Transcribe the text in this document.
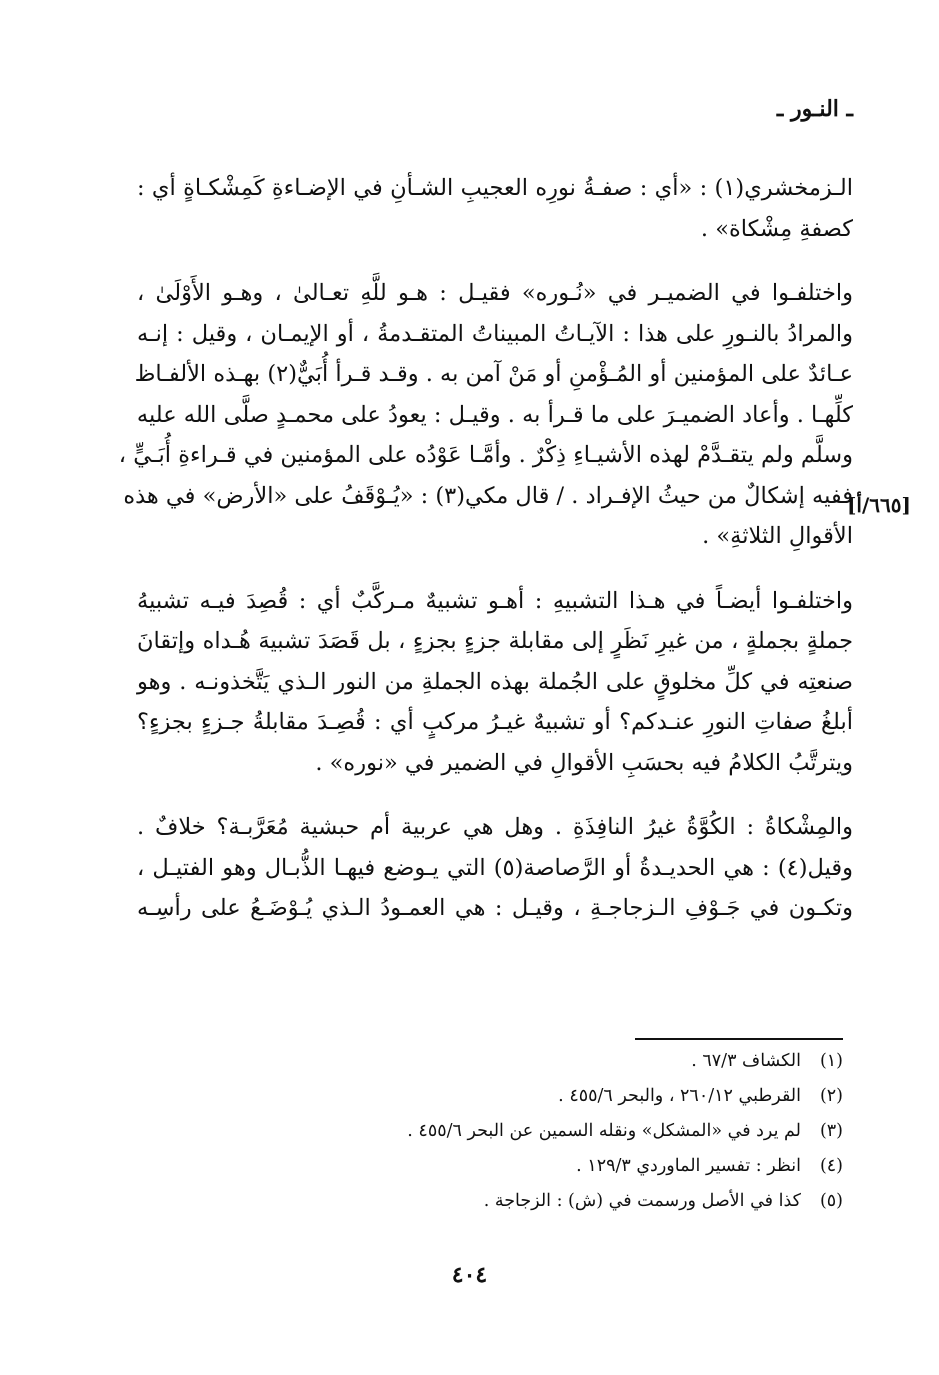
ـ النـور ـ
[٦٦٥/أ]
الـزمخشري(١) : «أي : صفـةُ نورِه العجيبِ الشـأنِ في الإضـاءةِ كَمِشْكـاةٍ أي :
كصفةِ مِشْكاة» .
واختلفـوا في الضميـر في «نُـوره» فقيـل : هـو للَّهِ تعـالىٰ ، وهـو الأَوْلَىٰ ،
والمرادُ بالنـورِ على هذا : الآيـاتُ المبيناتُ المتقـدمةُ ، أو الإيمـان ، وقيل : إنـه
عـائدٌ على المؤمنين أو المُـؤْمنِ أو مَنْ آمن به . وقـد قـرأ أُبَيٌّ(٢) بهـذه الألفـاظ
كلِّهـا . وأعاد الضميـرَ على ما قـرأ به . وقيـل : يعودُ على محمـدٍ صلَّى الله عليه
وسلَّم ولم يتقـدَّمْ لهذه الأشيـاءِ ذِكْرٌ . وأمَّـا عَوْدُه على المؤمنين في قـراءةِ أُبَـيٍّ ،
ففيه إشكالٌ من حيثُ الإفـراد . / قال مكي(٣) : «يُـوْقَفُ على «الأرض» في هذه
الأقوالِ الثلاثةِ» .
واختلفـوا أيضـاً في هـذا التشبيهِ : أهـو تشبيهٌ مـركَّبٌ أي : قُصِدَ فيـه تشبيهُ
جملةٍ بجملةٍ ، من غيرِ نَظَرٍ إلى مقابلة جزءٍ بجزءٍ ، بل قَصَدَ تشبيهَ هُـداه وإتقانَ
صنعتِه في كلِّ مخلوقٍ على الجُملة بهذه الجملةِ من النور الـذي يَتَّخذونـه . وهو
أبلغُ صفاتِ النورِ عنـدكم؟ أو تشبيهٌ غيـرُ مركبٍ أي : قُصِـدَ مقابلةُ جـزءٍ بجزءٍ؟
ويترتَّبُ الكلامُ فيه بحسَبِ الأقوالِ في الضمير في «نوره» .
والمِشْكاةُ : الكُوَّةُ غيرُ النافِذَةِ . وهل هي عربية أم حبشية مُعَرَّبـة؟ خلافٌ .
وقيل(٤) : هي الحديـدةُ أو الرَّصاصة(٥) التي يـوضع فيهـا الذُّبـال وهو الفتيـل ،
وتكـون في جَـوْفِ الـزجاجـةِ ، وقيـل : هي العمـودُ الـذي يُـوْضَـعُ على رأسِـه
(١)
الكشاف ٦٧/٣ .
(٢)
القرطبي ٢٦٠/١٢ ، والبحر ٤٥٥/٦ .
(٣)
لم يرد في «المشكل» ونقله السمين عن البحر ٤٥٥/٦ .
(٤)
انظر : تفسير الماوردي ١٢٩/٣ .
(٥)
كذا في الأصل ورسمت في (ش) : الزجاجة .
٤٠٤
